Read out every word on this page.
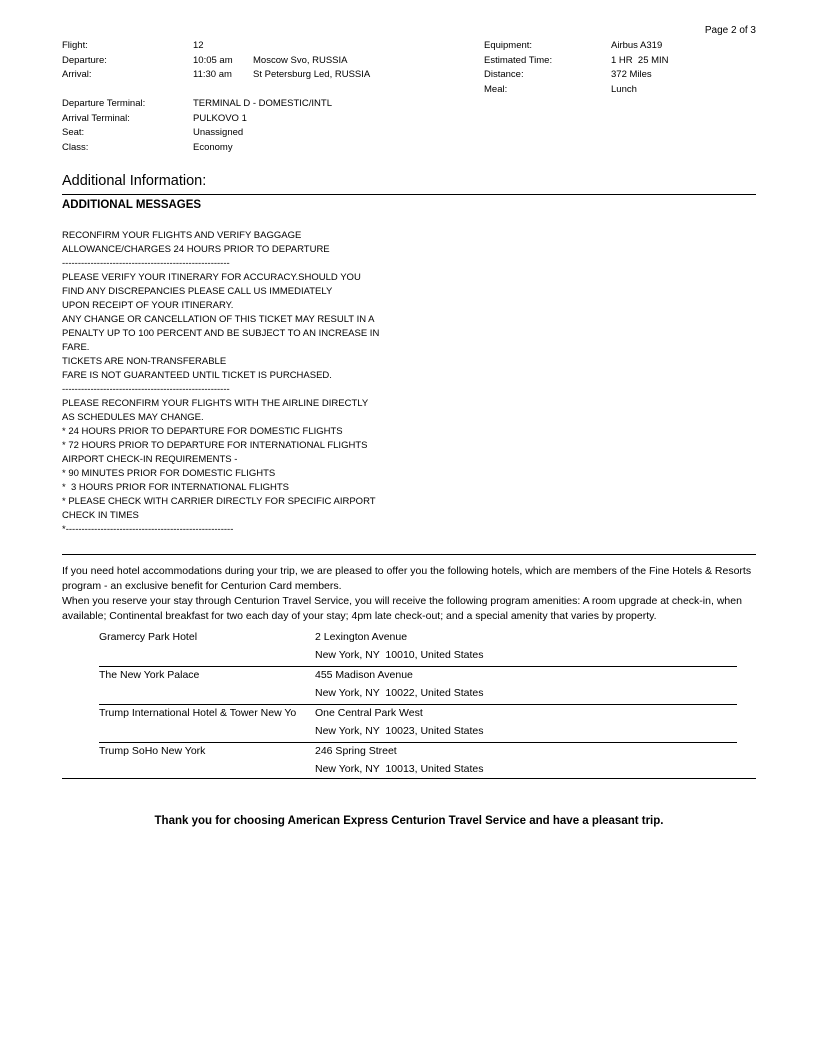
Page 2 of 3
Flight:	12
Departure:	10:05 am Moscow Svo, RUSSIA
Arrival:	11:30 am St Petersburg Led, RUSSIA
Equipment:	Airbus A319
Estimated Time:	1 HR  25 MIN
Distance:	372 Miles
Meal:	Lunch
Departure Terminal:	TERMINAL D - DOMESTIC/INTL
Arrival Terminal:	PULKOVO 1
Seat:	Unassigned
Class:	Economy
Additional Information:
ADDITIONAL MESSAGES
RECONFIRM YOUR FLIGHTS AND VERIFY BAGGAGE
ALLOWANCE/CHARGES 24 HOURS PRIOR TO DEPARTURE
-----------------------------------------------------
PLEASE VERIFY YOUR ITINERARY FOR ACCURACY.SHOULD YOU
FIND ANY DISCREPANCIES PLEASE CALL US IMMEDIATELY
UPON RECEIPT OF YOUR ITINERARY.
ANY CHANGE OR CANCELLATION OF THIS TICKET MAY RESULT IN A
PENALTY UP TO 100 PERCENT AND BE SUBJECT TO AN INCREASE IN
FARE.
TICKETS ARE NON-TRANSFERABLE
FARE IS NOT GUARANTEED UNTIL TICKET IS PURCHASED.
-----------------------------------------------------
PLEASE RECONFIRM YOUR FLIGHTS WITH THE AIRLINE DIRECTLY
AS SCHEDULES MAY CHANGE.
* 24 HOURS PRIOR TO DEPARTURE FOR DOMESTIC FLIGHTS
* 72 HOURS PRIOR TO DEPARTURE FOR INTERNATIONAL FLIGHTS
AIRPORT CHECK-IN REQUIREMENTS -
* 90 MINUTES PRIOR FOR DOMESTIC FLIGHTS
*  3 HOURS PRIOR FOR INTERNATIONAL FLIGHTS
* PLEASE CHECK WITH CARRIER DIRECTLY FOR SPECIFIC AIRPORT
CHECK IN TIMES
*-----------------------------------------------------

If you need hotel accommodations during your trip, we are pleased to offer you the following hotels, which are members of the Fine Hotels & Resorts program - an exclusive benefit for Centurion Card members.

When you reserve your stay through Centurion Travel Service, you will receive the following program amenities: A room upgrade at check-in, when available; Continental breakfast for two each day of your stay; 4pm late check-out; and a special amenity that varies by property.

Gramercy Park Hotel	2 Lexington Avenue
New York, NY  10010, United States
The New York Palace	455 Madison Avenue
New York, NY  10022, United States
Trump International Hotel & Tower New Yo	One Central Park West
New York, NY  10023, United States
Trump SoHo New York	246 Spring Street
New York, NY  10013, United States
Thank you for choosing American Express Centurion Travel Service and have a pleasant trip.
